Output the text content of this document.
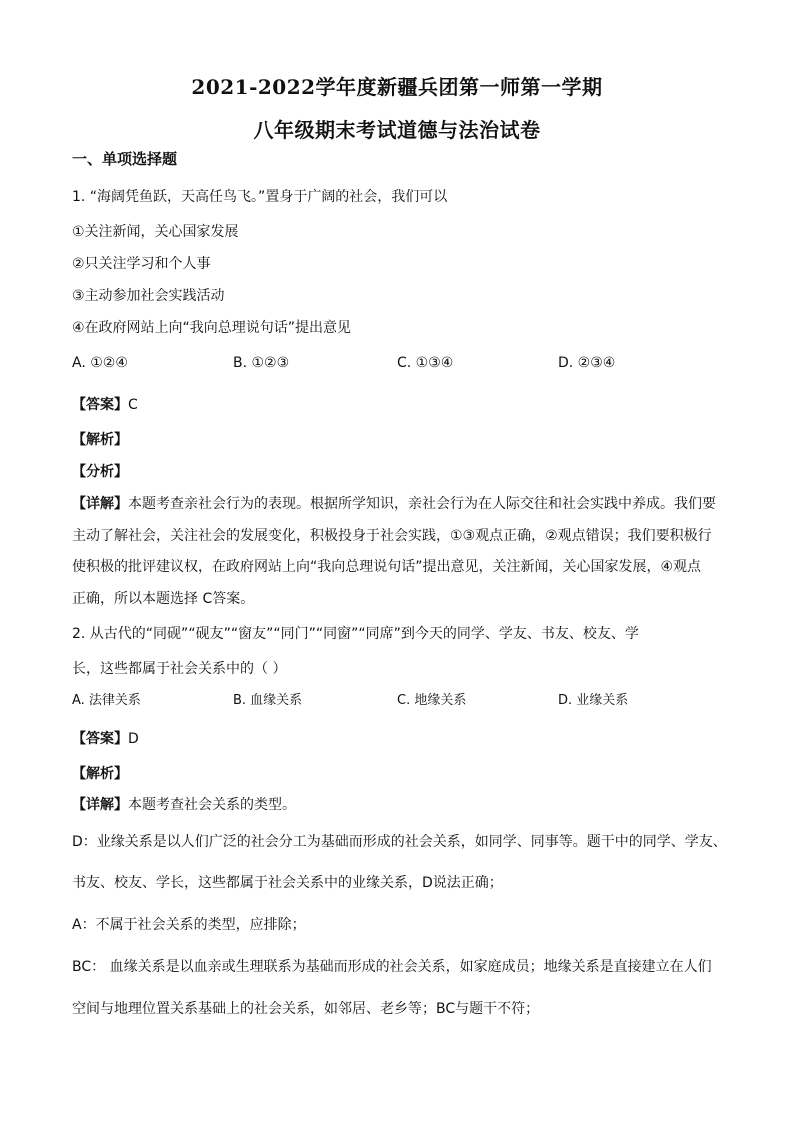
2021-2022学年度新疆兵团第一师第一学期
八年级期末考试道德与法治试卷
一、单项选择题
1. “海阔凭鱼跃，天高任鸟飞。”置身于广阔的社会，我们可以
①关注新闻，关心国家发展
②只关注学习和个人事
③主动参加社会实践活动
④在政府网站上向“我向总理说句话”提出意见
A. ①②④	B. ①②③	C. ①③④	D. ②③④
【答案】C
【解析】
【分析】
【详解】本题考查亲社会行为的表现。根据所学知识，亲社会行为在人际交往和社会实践中养成。我们要
主动了解社会，关注社会的发展变化，积极投身于社会实践，①③观点正确，②观点错误；我们要积极行
使积极的批评建议权，在政府网站上向“我向总理说句话”提出意见，关注新闻，关心国家发展，④观点
正确，所以本题选择 C答案。
2. 从古代的“同砚”“砚友”“窗友”“同门”“同窗”“同席”到今天的同学、学友、书友、校友、学
长，这些都属于社会关系中的（ ）
A. 法律关系	B. 血缘关系	C. 地缘关系	D. 业缘关系
【答案】D
【解析】
【详解】本题考查社会关系的类型。
D：业缘关系是以人们广泛的社会分工为基础而形成的社会关系，如同学、同事等。题干中的同学、学友、
书友、校友、学长，这些都属于社会关系中的业缘关系，D说法正确；
A：不属于社会关系的类型，应排除；
BC： 血缘关系是以血亲或生理联系为基础而形成的社会关系，如家庭成员；地缘关系是直接建立在人们
空间与地理位置关系基础上的社会关系，如邻居、老乡等；BC与题干不符；
